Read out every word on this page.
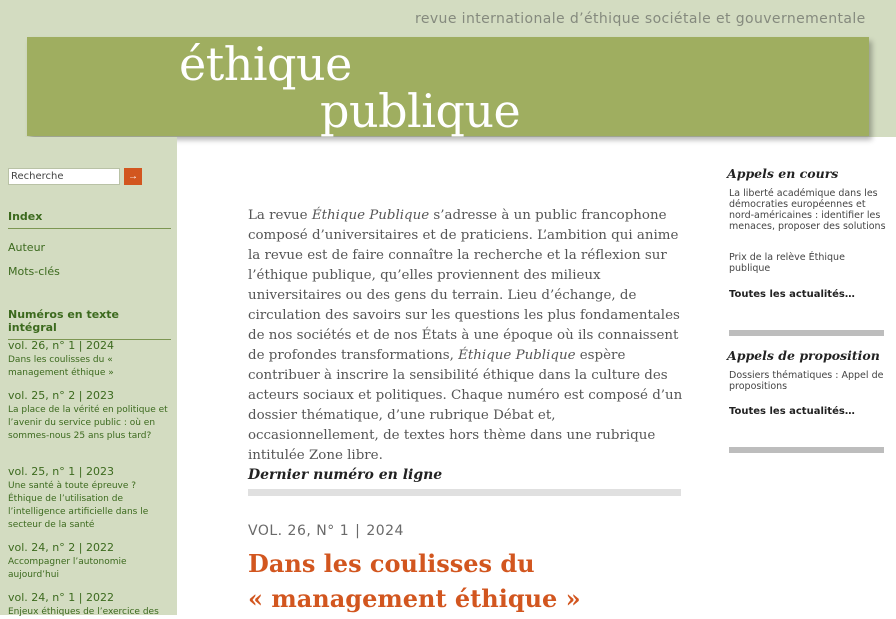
revue internationale d’éthique sociétale et gouvernementale
éthique
publique
Recherche
→
Index
Auteur
Mots-clés
Numéros en texte intégral
vol. 26, n° 1 | 2024
Dans les coulisses du « management éthique »
vol. 25, n° 2 | 2023
La place de la vérité en politique et l’avenir du service public : où en sommes-nous 25 ans plus tard?
vol. 25, n° 1 | 2023
Une santé à toute épreuve ? Éthique de l’utilisation de l’intelligence artificielle dans le secteur de la santé
vol. 24, n° 2 | 2022
Accompagner l’autonomie aujourd’hui
vol. 24, n° 1 | 2022
Enjeux éthiques de l’exercice des
La revue Éthique Publique s’adresse à un public francophone composé d’universitaires et de praticiens. L’ambition qui anime la revue est de faire connaître la recherche et la réflexion sur l’éthique publique, qu’elles proviennent des milieux universitaires ou des gens du terrain. Lieu d’échange, de circulation des savoirs sur les questions les plus fondamentales de nos sociétés et de nos États à une époque où ils connaissent de profondes transformations, Éthique Publique espère contribuer à inscrire la sensibilité éthique dans la culture des acteurs sociaux et politiques. Chaque numéro est composé d’un dossier thématique, d’une rubrique Débat et, occasionnellement, de textes hors thème dans une rubrique intitulée Zone libre.
Dernier numéro en ligne
VOL. 26, N° 1 | 2024
Dans les coulisses du
« management éthique »
Appels en cours
La liberté académique dans les démocraties européennes et nord-américaines : identifier les menaces, proposer des solutions
Prix de la relève Éthique publique
Toutes les actualités…
Appels de proposition
Dossiers thématiques : Appel de propositions
Toutes les actualités…
